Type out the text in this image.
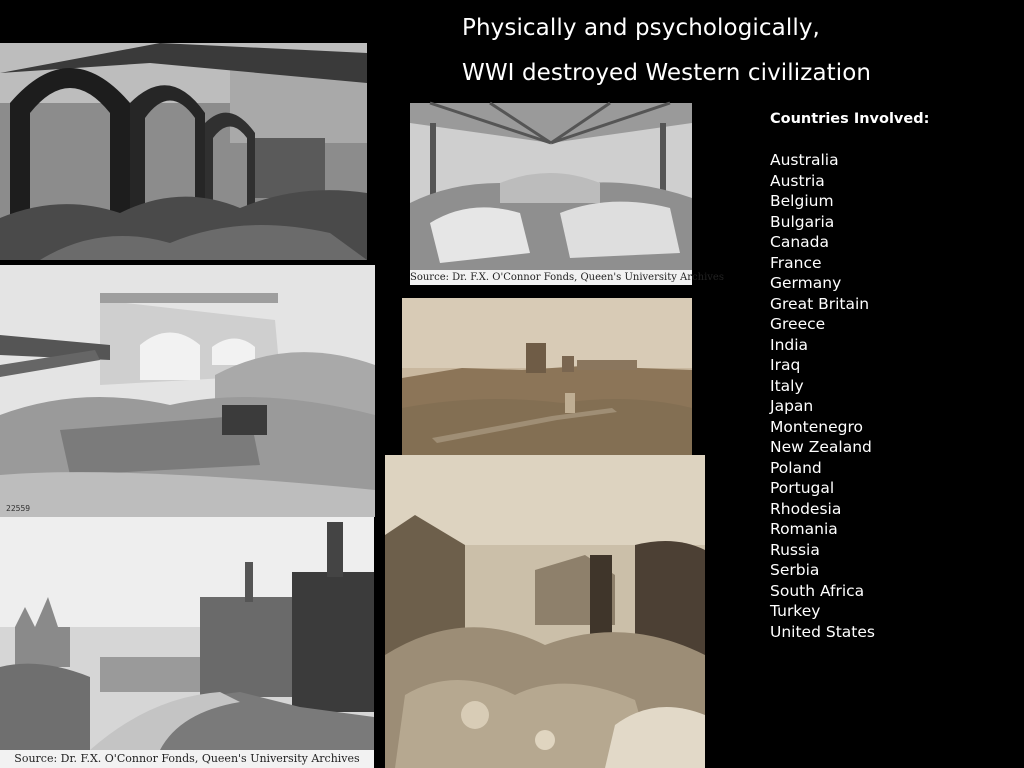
Physically and psychologically,
WWI destroyed Western civilization
Source: Dr. F.X. O'Connor Fonds, Queen's University Archives
22559
Source: Dr. F.X. O'Connor Fonds, Queen's University Archives
Countries Involved:
Australia
Austria
Belgium
Bulgaria
Canada
France
Germany
Great Britain
Greece
India
Iraq
Italy
Japan
Montenegro
New Zealand
Poland
Portugal
Rhodesia
Romania
Russia
Serbia
South Africa
Turkey
United States
